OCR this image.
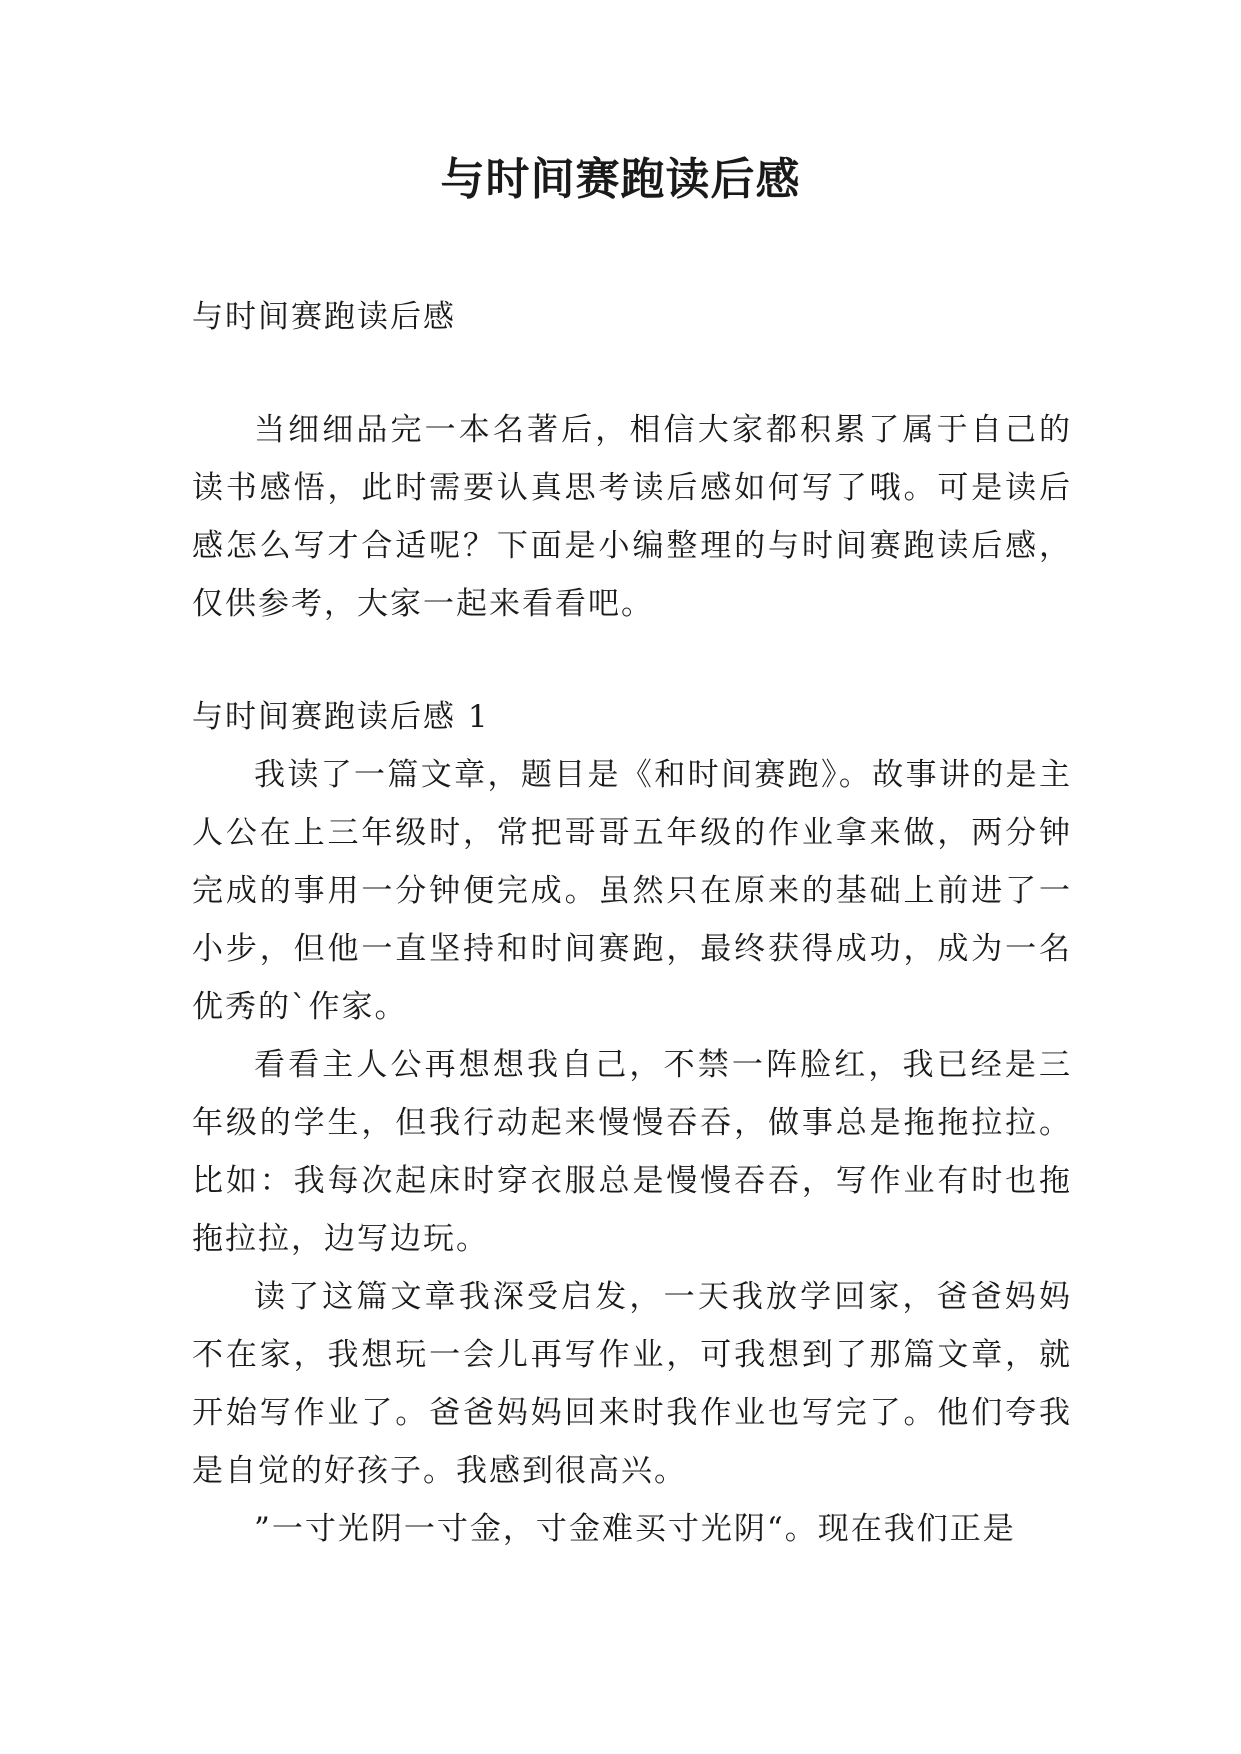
与时间赛跑读后感

与时间赛跑读后感

当细细品完一本名著后，相信大家都积累了属于自己的读书感悟，此时需要认真思考读后感如何写了哦。可是读后感怎么写才合适呢？下面是小编整理的与时间赛跑读后感，仅供参考，大家一起来看看吧。

与时间赛跑读后感 1

我读了一篇文章，题目是《和时间赛跑》。故事讲的是主人公在上三年级时，常把哥哥五年级的作业拿来做，两分钟完成的事用一分钟便完成。虽然只在原来的基础上前进了一小步，但他一直坚持和时间赛跑，最终获得成功，成为一名优秀的`作家。

看看主人公再想想我自己，不禁一阵脸红，我已经是三年级的学生，但我行动起来慢慢吞吞，做事总是拖拖拉拉。比如：我每次起床时穿衣服总是慢慢吞吞，写作业有时也拖拖拉拉，边写边玩。

读了这篇文章我深受启发，一天我放学回家，爸爸妈妈不在家，我想玩一会儿再写作业，可我想到了那篇文章，就开始写作业了。爸爸妈妈回来时我作业也写完了。他们夸我是自觉的好孩子。我感到很高兴。

”一寸光阴一寸金，寸金难买寸光阴“。现在我们正是
